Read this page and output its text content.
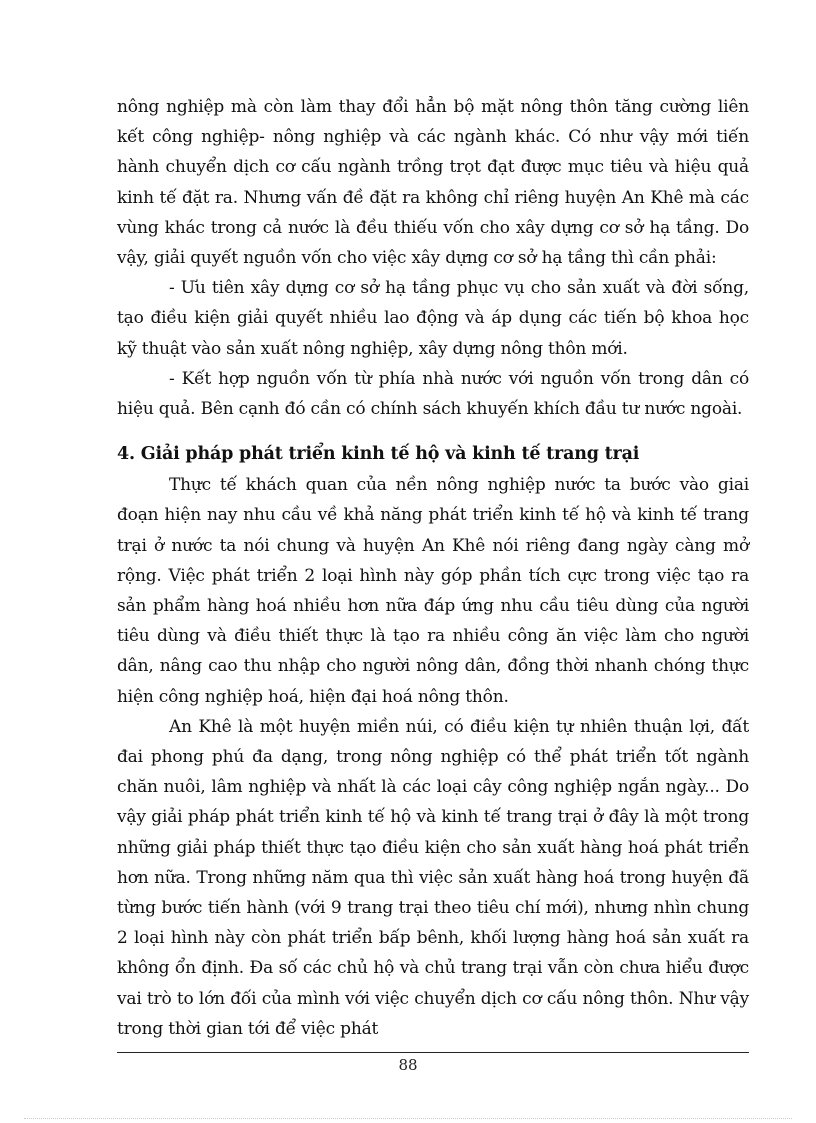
nông nghiệp mà còn làm thay đổi hẳn bộ mặt nông thôn tăng cường liên kết công nghiệp- nông nghiệp và các ngành khác. Có như vậy mới tiến hành chuyển dịch cơ cấu ngành trồng trọt đạt được mục tiêu và hiệu quả kinh tế đặt ra. Nhưng vấn đề đặt ra không chỉ riêng huyện An Khê mà các vùng khác trong cả nước là đều thiếu vốn cho xây dựng cơ sở hạ tầng. Do vậy, giải quyết nguồn vốn cho việc xây dựng cơ sở hạ tầng thì cần phải:

- Ưu tiên xây dựng cơ sở hạ tầng phục vụ cho sản xuất và đời sống, tạo điều kiện giải quyết nhiều lao động và áp dụng các tiến bộ khoa học kỹ thuật vào sản xuất nông nghiệp, xây dựng nông thôn mới.

- Kết hợp nguồn vốn từ phía nhà nước với nguồn vốn trong dân có hiệu quả. Bên cạnh đó cần có chính sách khuyến khích đầu tư nước ngoài.

4. Giải pháp phát triển kinh tế hộ và kinh tế trang trại

Thực tế khách quan của nền nông nghiệp nước ta bước vào giai đoạn hiện nay nhu cầu về khả năng phát triển kinh tế hộ và kinh tế trang trại ở nước ta nói chung và huyện An Khê nói riêng đang ngày càng mở rộng. Việc phát triển 2 loại hình này góp phần tích cực trong việc tạo ra sản phẩm hàng hoá nhiều hơn nữa đáp ứng nhu cầu tiêu dùng của người tiêu dùng và điều thiết thực là tạo ra nhiều công ăn việc làm cho người dân, nâng cao thu nhập cho người nông dân, đồng thời nhanh chóng thực hiện công nghiệp hoá, hiện đại hoá nông thôn.

An Khê là một huyện miền núi, có điều kiện tự nhiên thuận lợi, đất đai phong phú đa dạng, trong nông nghiệp có thể phát triển tốt ngành chăn nuôi, lâm nghiệp và nhất là các loại cây công nghiệp ngắn ngày... Do vậy giải pháp phát triển kinh tế hộ và kinh tế trang trại ở đây là một trong những giải pháp thiết thực tạo điều kiện cho sản xuất hàng hoá phát triển hơn nữa. Trong những năm qua thì việc sản xuất hàng hoá trong huyện đã từng bước tiến hành (với 9 trang trại theo tiêu chí mới), nhưng nhìn chung 2 loại hình này còn phát triển bấp bênh, khối lượng hàng hoá sản xuất ra không ổn định. Đa số các chủ hộ và chủ trang trại vẫn còn chưa hiểu được vai trò to lớn đối của mình với việc chuyển dịch cơ cấu nông thôn. Như vậy trong thời gian tới để việc phát

88
